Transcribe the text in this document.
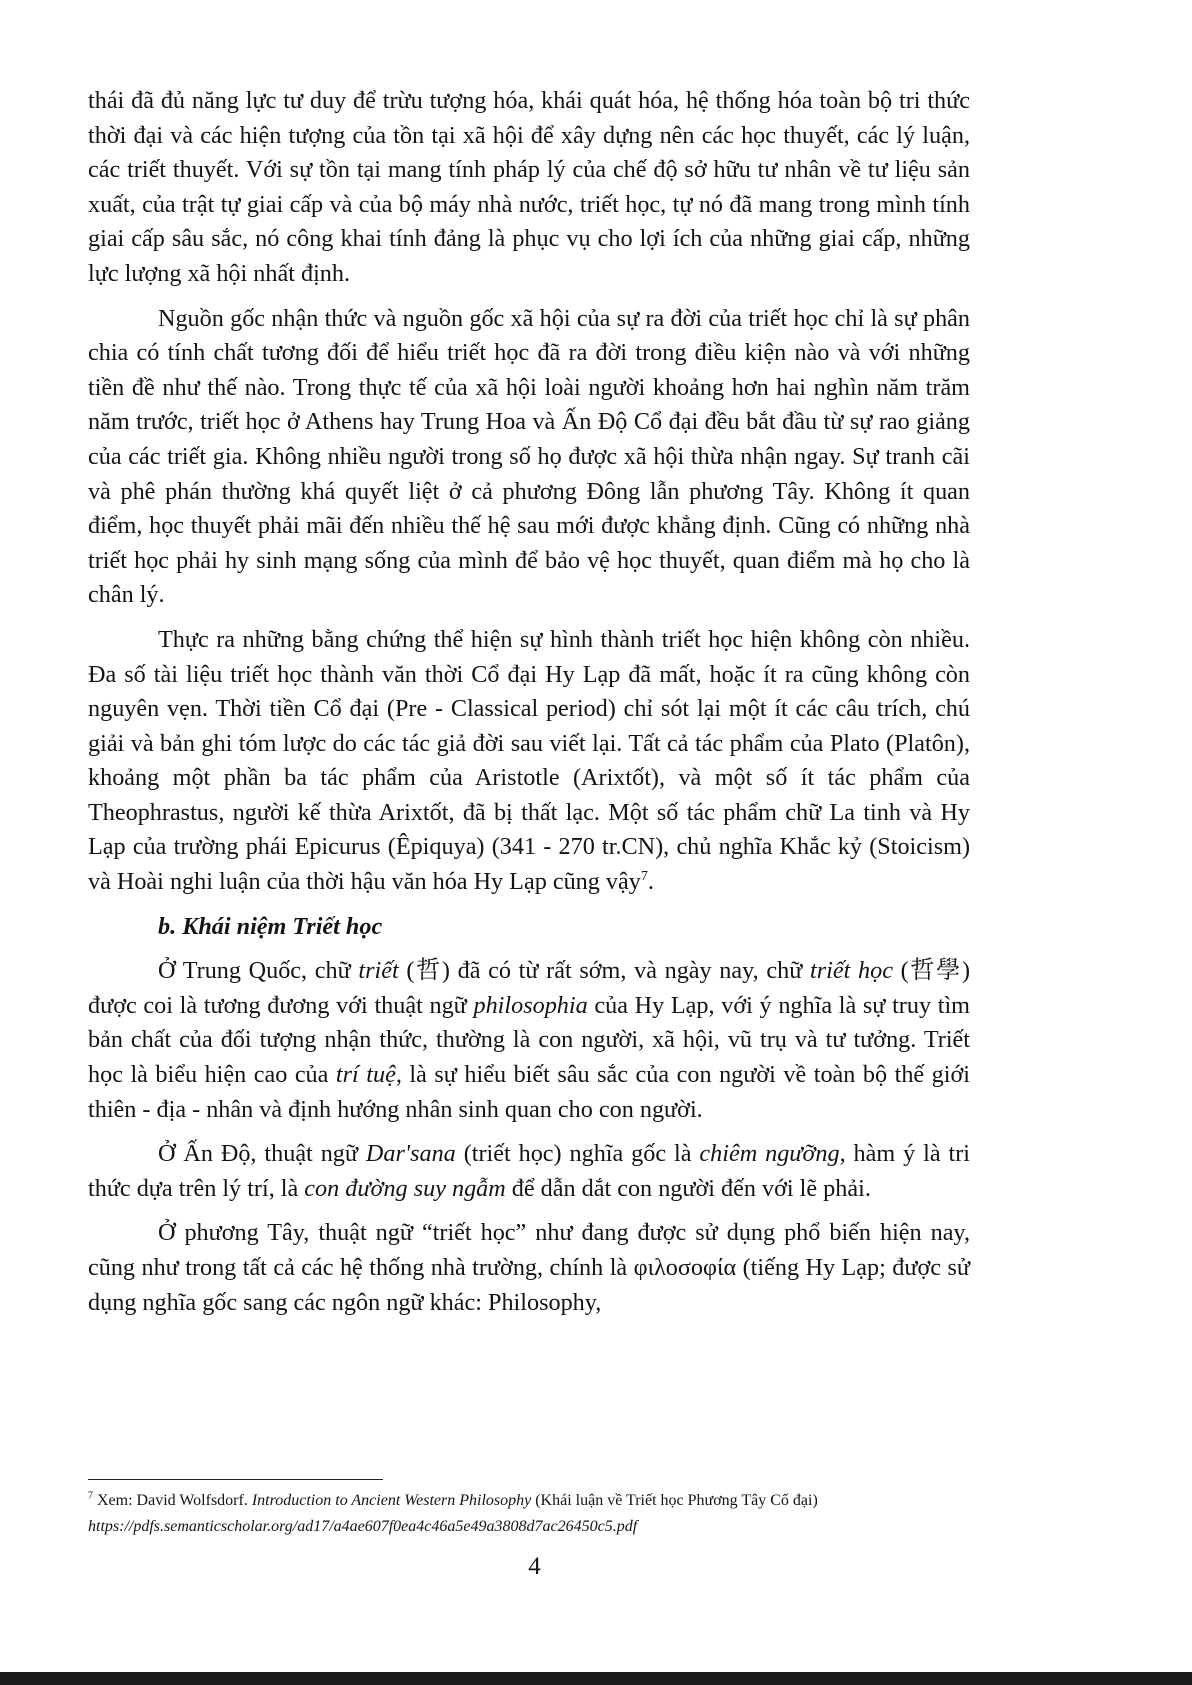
thái đã đủ năng lực tư duy để trừu tượng hóa, khái quát hóa, hệ thống hóa toàn bộ tri thức thời đại và các hiện tượng của tồn tại xã hội để xây dựng nên các học thuyết, các lý luận, các triết thuyết. Với sự tồn tại mang tính pháp lý của chế độ sở hữu tư nhân về tư liệu sản xuất, của trật tự giai cấp và của bộ máy nhà nước, triết học, tự nó đã mang trong mình tính giai cấp sâu sắc, nó công khai tính đảng là phục vụ cho lợi ích của những giai cấp, những lực lượng xã hội nhất định.

Nguồn gốc nhận thức và nguồn gốc xã hội của sự ra đời của triết học chỉ là sự phân chia có tính chất tương đối để hiểu triết học đã ra đời trong điều kiện nào và với những tiền đề như thế nào. Trong thực tế của xã hội loài người khoảng hơn hai nghìn năm trăm năm trước, triết học ở Athens hay Trung Hoa và Ấn Độ Cổ đại đều bắt đầu từ sự rao giảng của các triết gia. Không nhiều người trong số họ được xã hội thừa nhận ngay. Sự tranh cãi và phê phán thường khá quyết liệt ở cả phương Đông lẫn phương Tây. Không ít quan điểm, học thuyết phải mãi đến nhiều thế hệ sau mới được khẳng định. Cũng có những nhà triết học phải hy sinh mạng sống của mình để bảo vệ học thuyết, quan điểm mà họ cho là chân lý.

Thực ra những bằng chứng thể hiện sự hình thành triết học hiện không còn nhiều. Đa số tài liệu triết học thành văn thời Cổ đại Hy Lạp đã mất, hoặc ít ra cũng không còn nguyên vẹn. Thời tiền Cổ đại (Pre - Classical period) chỉ sót lại một ít các câu trích, chú giải và bản ghi tóm lược do các tác giả đời sau viết lại. Tất cả tác phẩm của Plato (Platôn), khoảng một phần ba tác phẩm của Aristotle (Arixtốt), và một số ít tác phẩm của Theophrastus, người kế thừa Arixtốt, đã bị thất lạc. Một số tác phẩm chữ La tinh và Hy Lạp của trường phái Epicurus (Êpiquya) (341 - 270 tr.CN), chủ nghĩa Khắc kỷ (Stoicism) và Hoài nghi luận của thời hậu văn hóa Hy Lạp cũng vậy$^7$.

b. Khái niệm Triết học

Ở Trung Quốc, chữ triết (哲) đã có từ rất sớm, và ngày nay, chữ triết học (哲學) được coi là tương đương với thuật ngữ philosophia của Hy Lạp, với ý nghĩa là sự truy tìm bản chất của đối tượng nhận thức, thường là con người, xã hội, vũ trụ và tư tưởng. Triết học là biểu hiện cao của trí tuệ, là sự hiểu biết sâu sắc của con người về toàn bộ thế giới thiên - địa - nhân và định hướng nhân sinh quan cho con người.

Ở Ấn Độ, thuật ngữ Dar'sana (triết học) nghĩa gốc là chiêm ngưỡng, hàm ý là tri thức dựa trên lý trí, là con đường suy ngẫm để dẫn dắt con người đến với lẽ phải.

Ở phương Tây, thuật ngữ “triết học” như đang được sử dụng phổ biến hiện nay, cũng như trong tất cả các hệ thống nhà trường, chính là φιλοσοφία (tiếng Hy Lạp; được sử dụng nghĩa gốc sang các ngôn ngữ khác: Philosophy,

$^7$ Xem: David Wolfsdorf. Introduction to Ancient Western Philosophy (Khái luận về Triết học Phương Tây Cổ đại) https://pdfs.semanticscholar.org/ad17/a4ae607f0ea4c46a5e49a3808d7ac26450c5.pdf
4
